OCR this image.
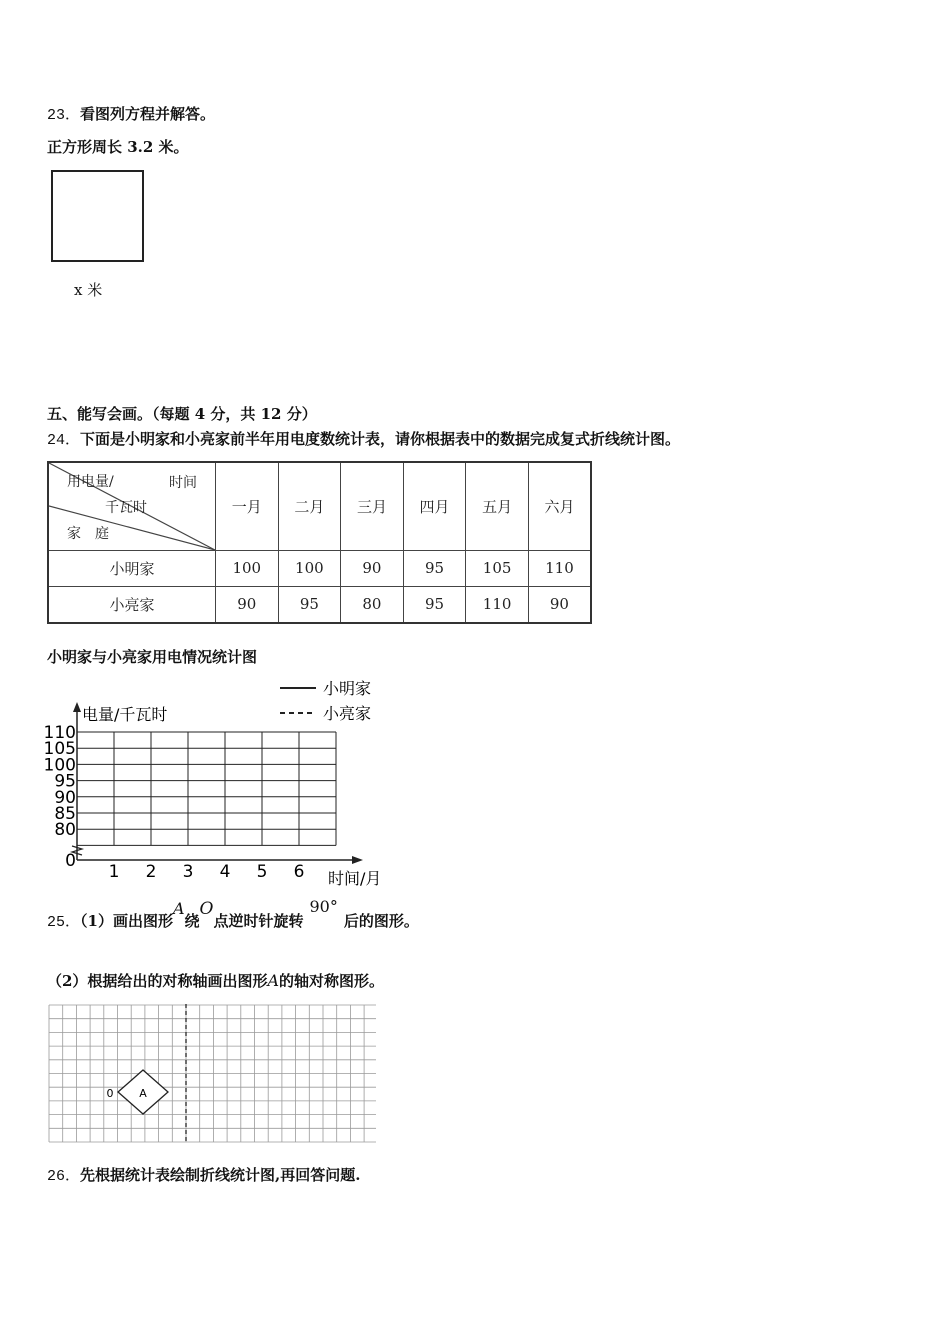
23．看图列方程并解答。
正方形周长 3.2 米。
x 米
五、能写会画。（每题 4 分，共 12 分）
24．下面是小明家和小亮家前半年用电度数统计表，请你根据表中的数据完成复式折线统计图。
用电量/ 时间
千瓦时
家　庭	一月	二月	三月	四月	五月	六月
小明家	100	100	90	95	105	110
小亮家	90	95	80	95	110	90
小明家与小亮家用电情况统计图
电量/千瓦时
时间/月
小明家
小亮家
110
105
100
95
90
85
80
0
1 2 3 4 5 6
25．（1）画出图形A绕O点逆时针旋转90°后的图形。
（2）根据给出的对称轴画出图形A的轴对称图形。
A
0
26．先根据统计表绘制折线统计图,再回答问题.
